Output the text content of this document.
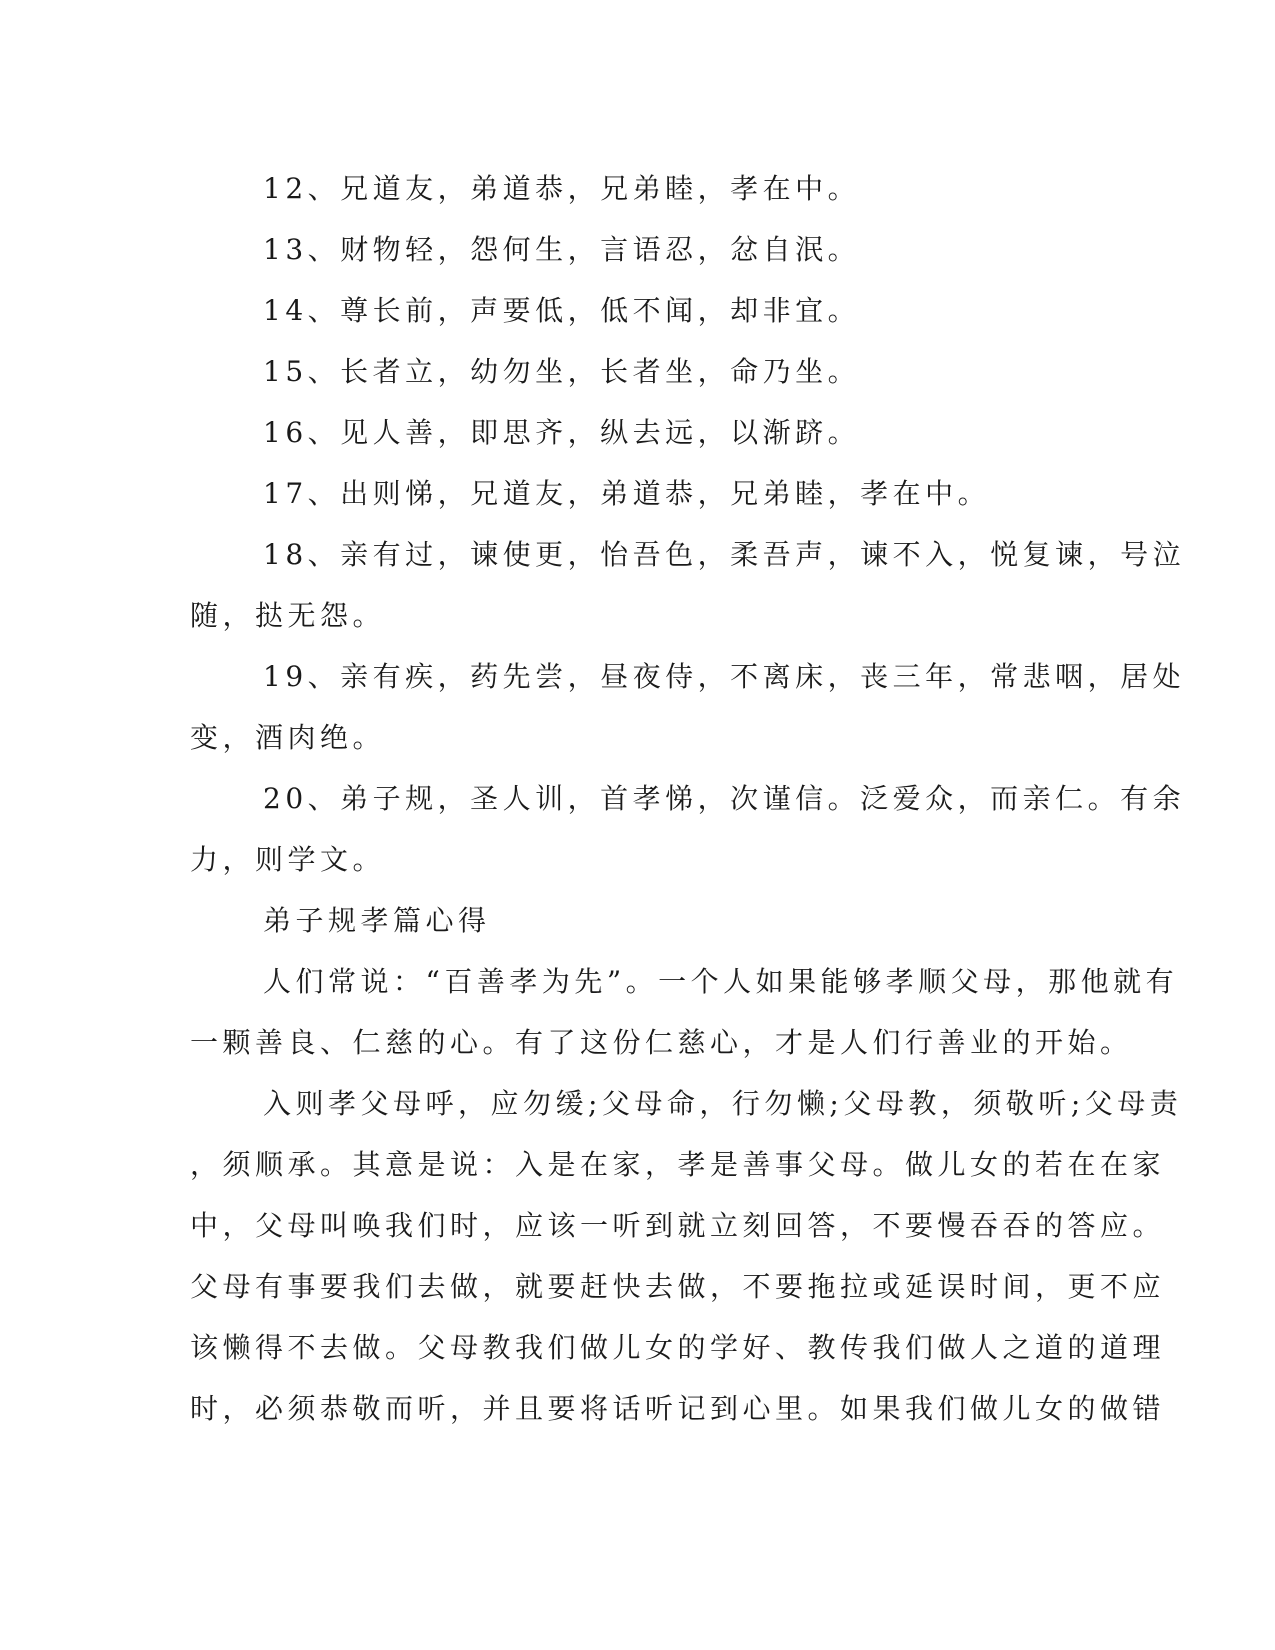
12、兄道友，弟道恭，兄弟睦，孝在中。
13、财物轻，怨何生，言语忍，忿自泯。
14、尊长前，声要低，低不闻，却非宜。
15、长者立，幼勿坐，长者坐，命乃坐。
16、见人善，即思齐，纵去远，以渐跻。
17、出则悌，兄道友，弟道恭，兄弟睦，孝在中。
18、亲有过，谏使更，怡吾色，柔吾声，谏不入，悦复谏，号泣
随，挞无怨。
19、亲有疾，药先尝，昼夜侍，不离床，丧三年，常悲咽，居处
变，酒肉绝。
20、弟子规，圣人训，首孝悌，次谨信。泛爱众，而亲仁。有余
力，则学文。
弟子规孝篇心得
人们常说：“百善孝为先”。一个人如果能够孝顺父母，那他就有
一颗善良、仁慈的心。有了这份仁慈心，才是人们行善业的开始。
入则孝父母呼，应勿缓;父母命，行勿懒;父母教，须敬听;父母责
，须顺承。其意是说：入是在家，孝是善事父母。做儿女的若在在家
中，父母叫唤我们时，应该一听到就立刻回答，不要慢吞吞的答应。
父母有事要我们去做，就要赶快去做，不要拖拉或延误时间，更不应
该懒得不去做。父母教我们做儿女的学好、教传我们做人之道的道理
时，必须恭敬而听，并且要将话听记到心里。如果我们做儿女的做错
